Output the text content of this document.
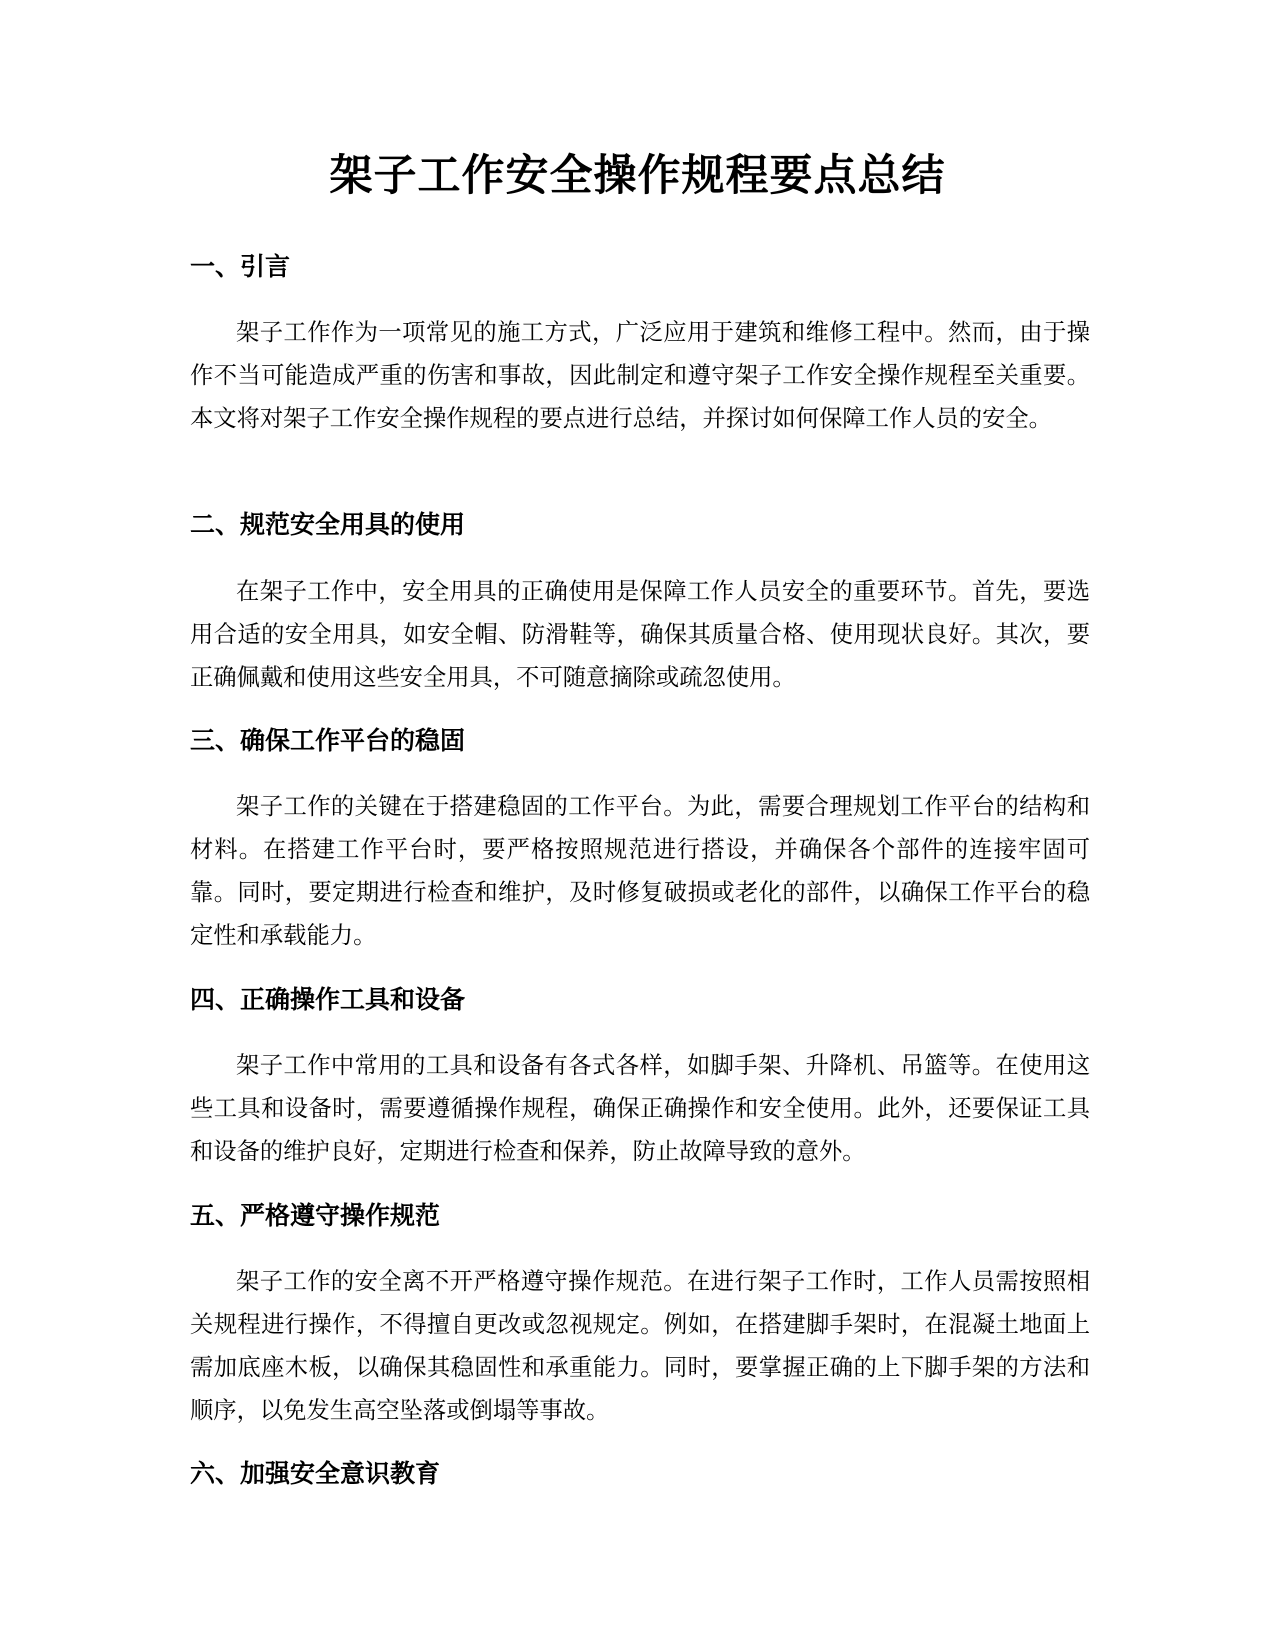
架子工作安全操作规程要点总结
一、引言

架子工作作为一项常见的施工方式，广泛应用于建筑和维修工程中。然而，由于操作不当可能造成严重的伤害和事故，因此制定和遵守架子工作安全操作规程至关重要。本文将对架子工作安全操作规程的要点进行总结，并探讨如何保障工作人员的安全。

二、规范安全用具的使用

在架子工作中，安全用具的正确使用是保障工作人员安全的重要环节。首先，要选用合适的安全用具，如安全帽、防滑鞋等，确保其质量合格、使用现状良好。其次，要正确佩戴和使用这些安全用具，不可随意摘除或疏忽使用。

三、确保工作平台的稳固

架子工作的关键在于搭建稳固的工作平台。为此，需要合理规划工作平台的结构和材料。在搭建工作平台时，要严格按照规范进行搭设，并确保各个部件的连接牢固可靠。同时，要定期进行检查和维护，及时修复破损或老化的部件，以确保工作平台的稳定性和承载能力。

四、正确操作工具和设备

架子工作中常用的工具和设备有各式各样，如脚手架、升降机、吊篮等。在使用这些工具和设备时，需要遵循操作规程，确保正确操作和安全使用。此外，还要保证工具和设备的维护良好，定期进行检查和保养，防止故障导致的意外。

五、严格遵守操作规范

架子工作的安全离不开严格遵守操作规范。在进行架子工作时，工作人员需按照相关规程进行操作，不得擅自更改或忽视规定。例如，在搭建脚手架时，在混凝土地面上需加底座木板，以确保其稳固性和承重能力。同时，要掌握正确的上下脚手架的方法和顺序，以免发生高空坠落或倒塌等事故。

六、加强安全意识教育
